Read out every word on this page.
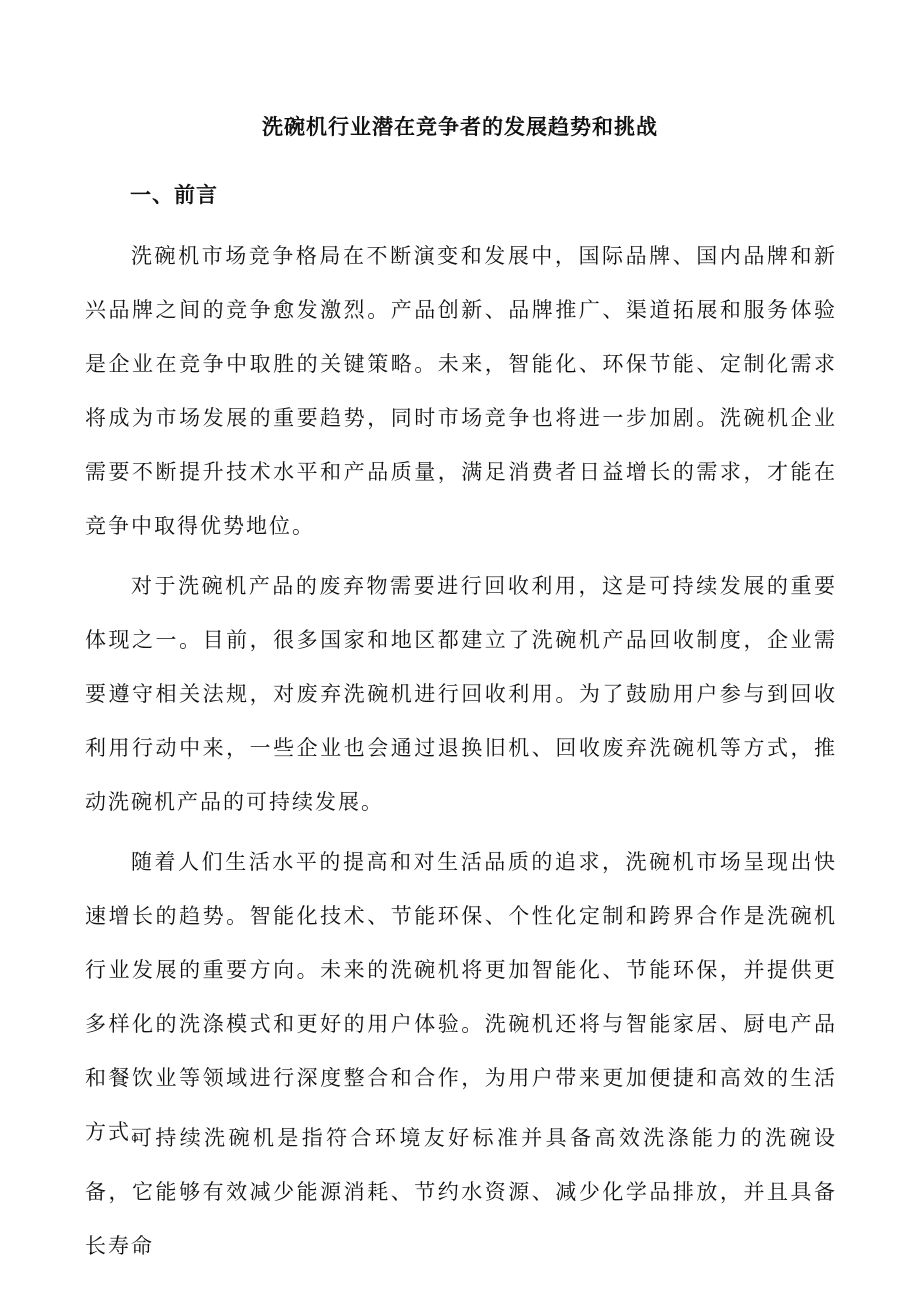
洗碗机行业潜在竞争者的发展趋势和挑战
一、前言

洗碗机市场竞争格局在不断演变和发展中，国际品牌、国内品牌和新兴品牌之间的竞争愈发激烈。产品创新、品牌推广、渠道拓展和服务体验是企业在竞争中取胜的关键策略。未来，智能化、环保节能、定制化需求将成为市场发展的重要趋势，同时市场竞争也将进一步加剧。洗碗机企业需要不断提升技术水平和产品质量，满足消费者日益增长的需求，才能在竞争中取得优势地位。

对于洗碗机产品的废弃物需要进行回收利用，这是可持续发展的重要体现之一。目前，很多国家和地区都建立了洗碗机产品回收制度，企业需要遵守相关法规，对废弃洗碗机进行回收利用。为了鼓励用户参与到回收利用行动中来，一些企业也会通过退换旧机、回收废弃洗碗机等方式，推动洗碗机产品的可持续发展。

随着人们生活水平的提高和对生活品质的追求，洗碗机市场呈现出快速增长的趋势。智能化技术、节能环保、个性化定制和跨界合作是洗碗机行业发展的重要方向。未来的洗碗机将更加智能化、节能环保，并提供更多样化的洗涤模式和更好的用户体验。洗碗机还将与智能家居、厨电产品和餐饮业等领域进行深度整合和合作，为用户带来更加便捷和高效的生活方式。

可持续洗碗机是指符合环境友好标准并具备高效洗涤能力的洗碗设备，它能够有效减少能源消耗、节约水资源、减少化学品排放，并且具备长寿命
